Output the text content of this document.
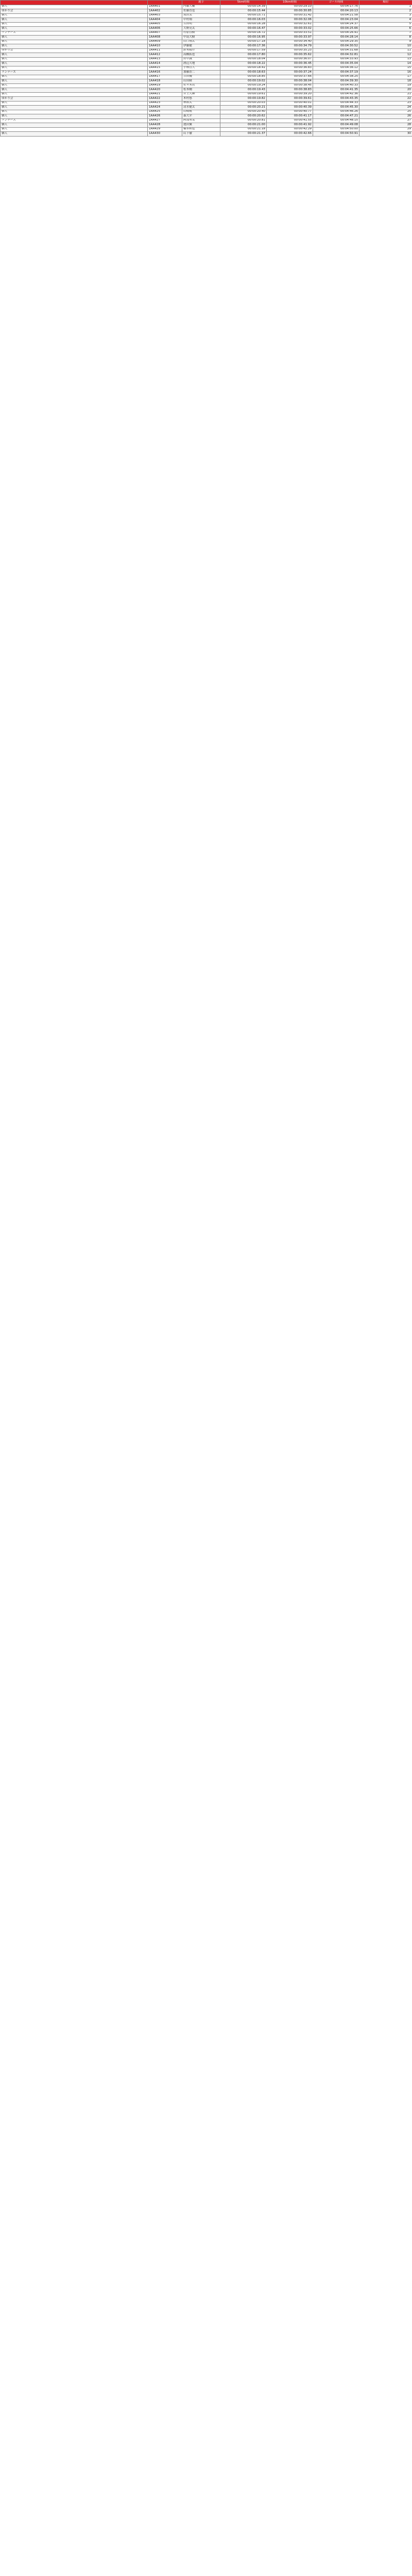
		選手	5km時間	10km時間	ゴール時間	順位
個人	1AA401	内藤大輔	00:00:14.39	00:00:29.10	00:04:17.76	1
ゆかり会	1AA402	佐藤直也	00:00:15.44	00:00:30.85	00:04:20.13	2
個人	1AA403	坂田実	00:00:15.71	00:00:31.42	00:04:21.58	3
個人	1AA404	中村翔	00:00:16.03	00:00:32.06	00:04:23.04	4
個人	1AA405	古田明	00:00:16.28	00:00:32.61	00:04:24.37	5
個人	1AA406	大野亮太	00:00:16.47	00:00:33.02	00:04:25.66	6
ランナーズ	1AA407	石原直樹	00:00:16.72	00:00:33.51	00:04:26.91	7
個人	1AA408	中島大樹	00:00:16.95	00:00:33.97	00:04:28.14	8
個人	1AA409	山口翔太	00:00:17.18	00:00:34.40	00:04:29.35	9
個人	1AA410	伊藤健	00:00:17.36	00:00:34.79	00:04:30.52	10
ゆかり会	1AA411	鈴木陽介	00:00:17.59	00:00:35.23	00:04:31.68	11
個人	1AA412	高橋拓也	00:00:17.80	00:00:35.62	00:04:32.81	12
個人	1AA413	田中誠	00:00:18.04	00:00:36.07	00:04:33.93	13
個人	1AA414	渡辺大地	00:00:18.22	00:00:36.45	00:04:35.04	14
個人	1AA415	小林直人	00:00:18.41	00:00:36.83	00:04:36.12	15
ランナーズ	1AA416	加藤浩二	00:00:18.63	00:00:37.24	00:04:37.19	16
個人	1AA417	吉田優	00:00:18.85	00:00:37.66	00:04:38.25	17
個人	1AA418	山田隆	00:00:19.02	00:00:38.04	00:04:39.30	18
個人	1AA419	佐々木亮	00:00:19.24	00:00:38.45	00:04:40.33	19
個人	1AA420	松本剛	00:00:19.43	00:00:38.83	00:04:41.35	20
個人	1AA421	井上大輝	00:00:19.61	00:00:39.20	00:04:42.36	21
ゆかり会	1AA422	木村悠	00:00:19.82	00:00:39.61	00:04:43.35	22
個人	1AA423	林裕太	00:00:20.03	00:00:40.01	00:04:44.33	23
個人	1AA424	清水健太	00:00:20.21	00:00:40.39	00:04:45.30	24
個人	1AA425	山崎航	00:00:20.40	00:00:40.77	00:04:46.26	25
個人	1AA426	森大介	00:00:20.62	00:00:41.17	00:04:47.21	26
ランナーズ	1AA427	阿部勇気	00:00:20.81	00:00:41.55	00:04:48.15	27
個人	1AA428	池田翼	00:00:21.00	00:00:41.92	00:04:49.08	28
個人	1AA429	橋本和也	00:00:21.18	00:00:42.29	00:04:50.00	29
個人	1AA430	山下徹	00:00:21.37	00:00:42.66	00:04:50.91	30
